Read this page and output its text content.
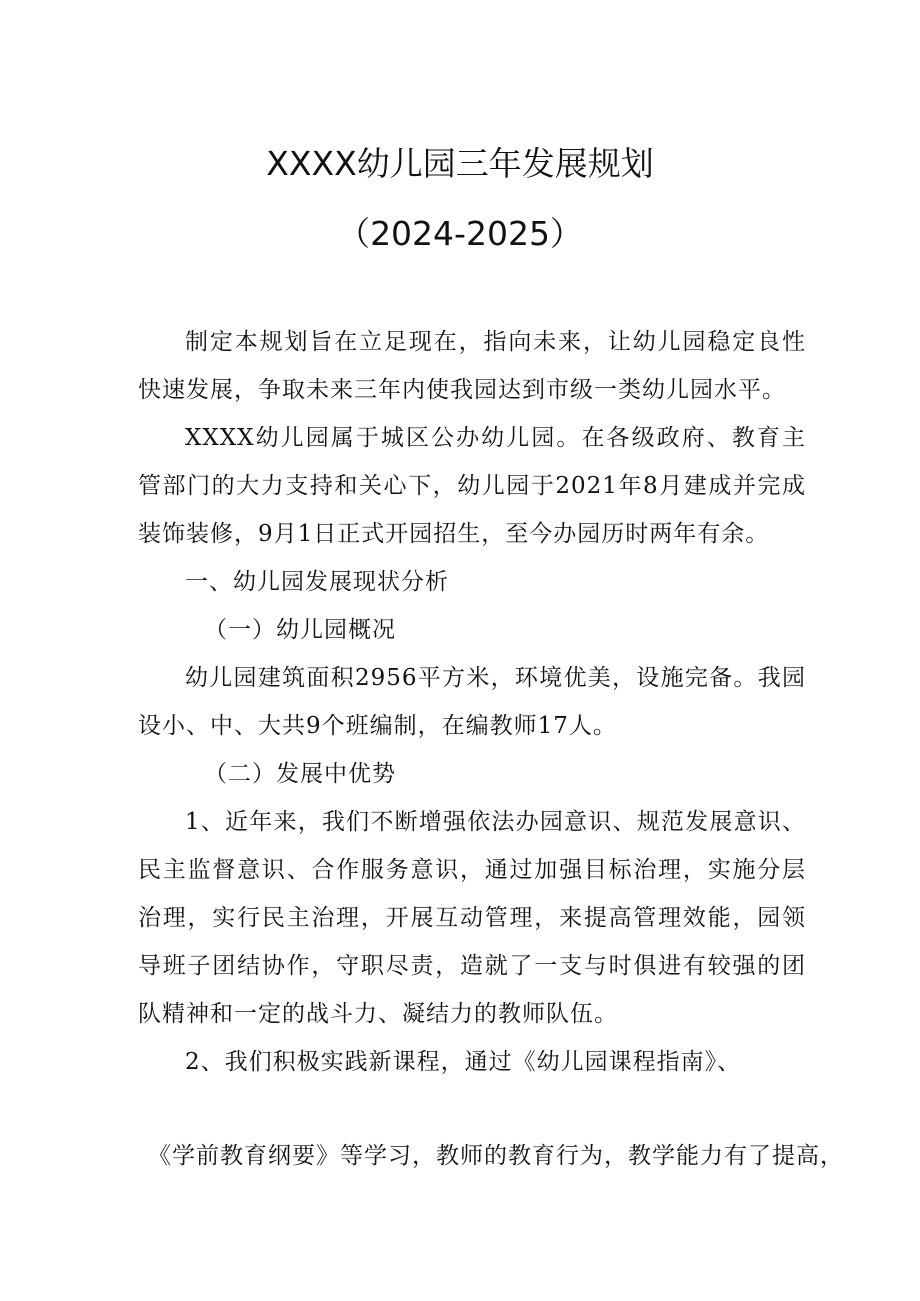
XXXX幼儿园三年发展规划
（2024-2025）

制定本规划旨在立足现在，指向未来，让幼儿园稳定良性快速发展，争取未来三年内使我园达到市级一类幼儿园水平。

XXXX幼儿园属于城区公办幼儿园。在各级政府、教育主管部门的大力支持和关心下，幼儿园于2021年8月建成并完成装饰装修，9月1日正式开园招生，至今办园历时两年有余。

一、幼儿园发展现状分析

（一）幼儿园概况

幼儿园建筑面积2956平方米，环境优美，设施完备。我园设小、中、大共9个班编制，在编教师17人。

（二）发展中优势

1、近年来，我们不断增强依法办园意识、规范发展意识、民主监督意识、合作服务意识，通过加强目标治理，实施分层治理，实行民主治理，开展互动管理，来提高管理效能，园领导班子团结协作，守职尽责，造就了一支与时俱进有较强的团队精神和一定的战斗力、凝结力的教师队伍。

2、我们积极实践新课程，通过《幼儿园课程指南》、

《学前教育纲要》等学习，教师的教育行为，教学能力有了提高，
